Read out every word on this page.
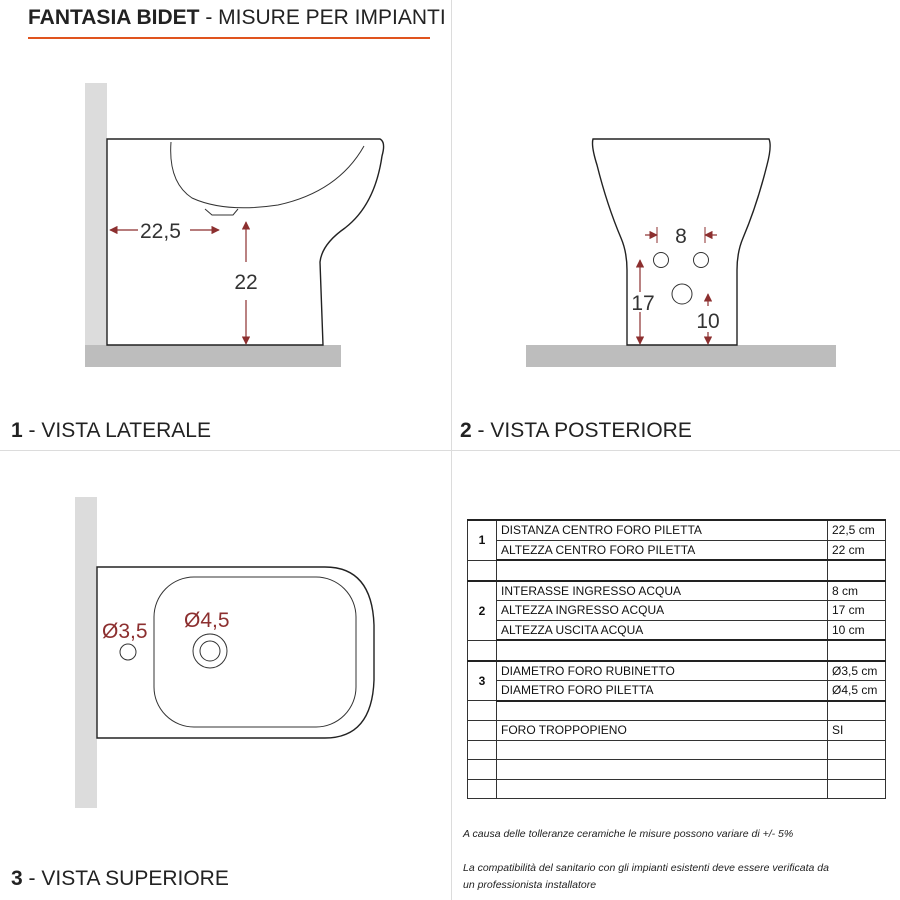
FANTASIA BIDET - MISURE PER IMPIANTI
22,5
22
8
17
10
Ø3,5 Ø4,5
1 - VISTA LATERALE	2 - VISTA POSTERIORE
3 - VISTA SUPERIORE
1	DISTANZA CENTRO FORO PILETTA	22,5 cm
	ALTEZZA CENTRO FORO PILETTA	22 cm

2	INTERASSE INGRESSO ACQUA	8 cm
	ALTEZZA INGRESSO ACQUA	17 cm
	ALTEZZA USCITA ACQUA	10 cm

3	DIAMETRO FORO RUBINETTO	Ø3,5 cm
	DIAMETRO FORO PILETTA	Ø4,5 cm

	FORO TROPPOPIENO	SI

A causa delle tolleranze ceramiche le misure possono variare di +/- 5%
La compatibilità del sanitario con gli impianti esistenti deve essere verificata da
un professionista installatore
